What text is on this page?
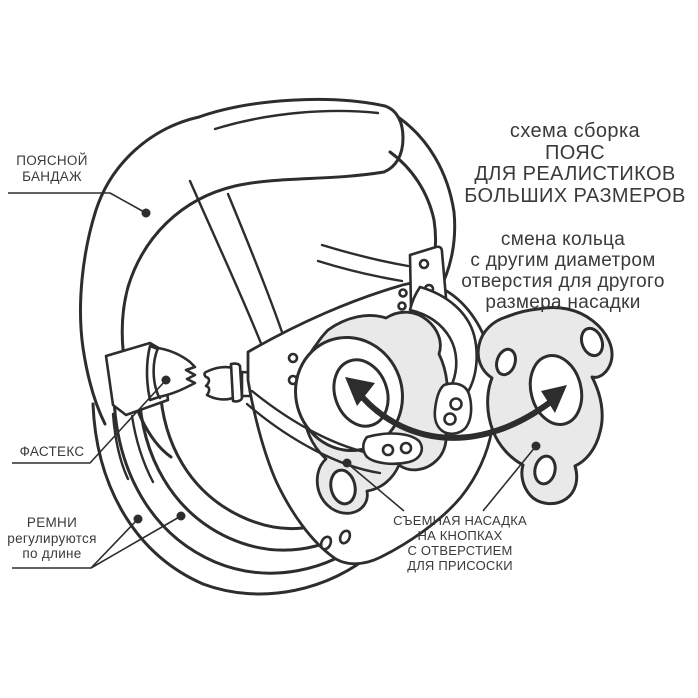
схема сборка
ПОЯС
ДЛЯ РЕАЛИСТИКОВ
БОЛЬШИХ РАЗМЕРОВ
смена кольца
с другим диаметром
отверстия для другого
размера насадки
ПОЯСНОЙ
БАНДАЖ
ФАСТЕКС
РЕМНИ
регулируются
по длине
СЪЕМНАЯ НАСАДКА
НА КНОПКАХ
С ОТВЕРСТИЕМ
ДЛЯ ПРИСОСКИ
